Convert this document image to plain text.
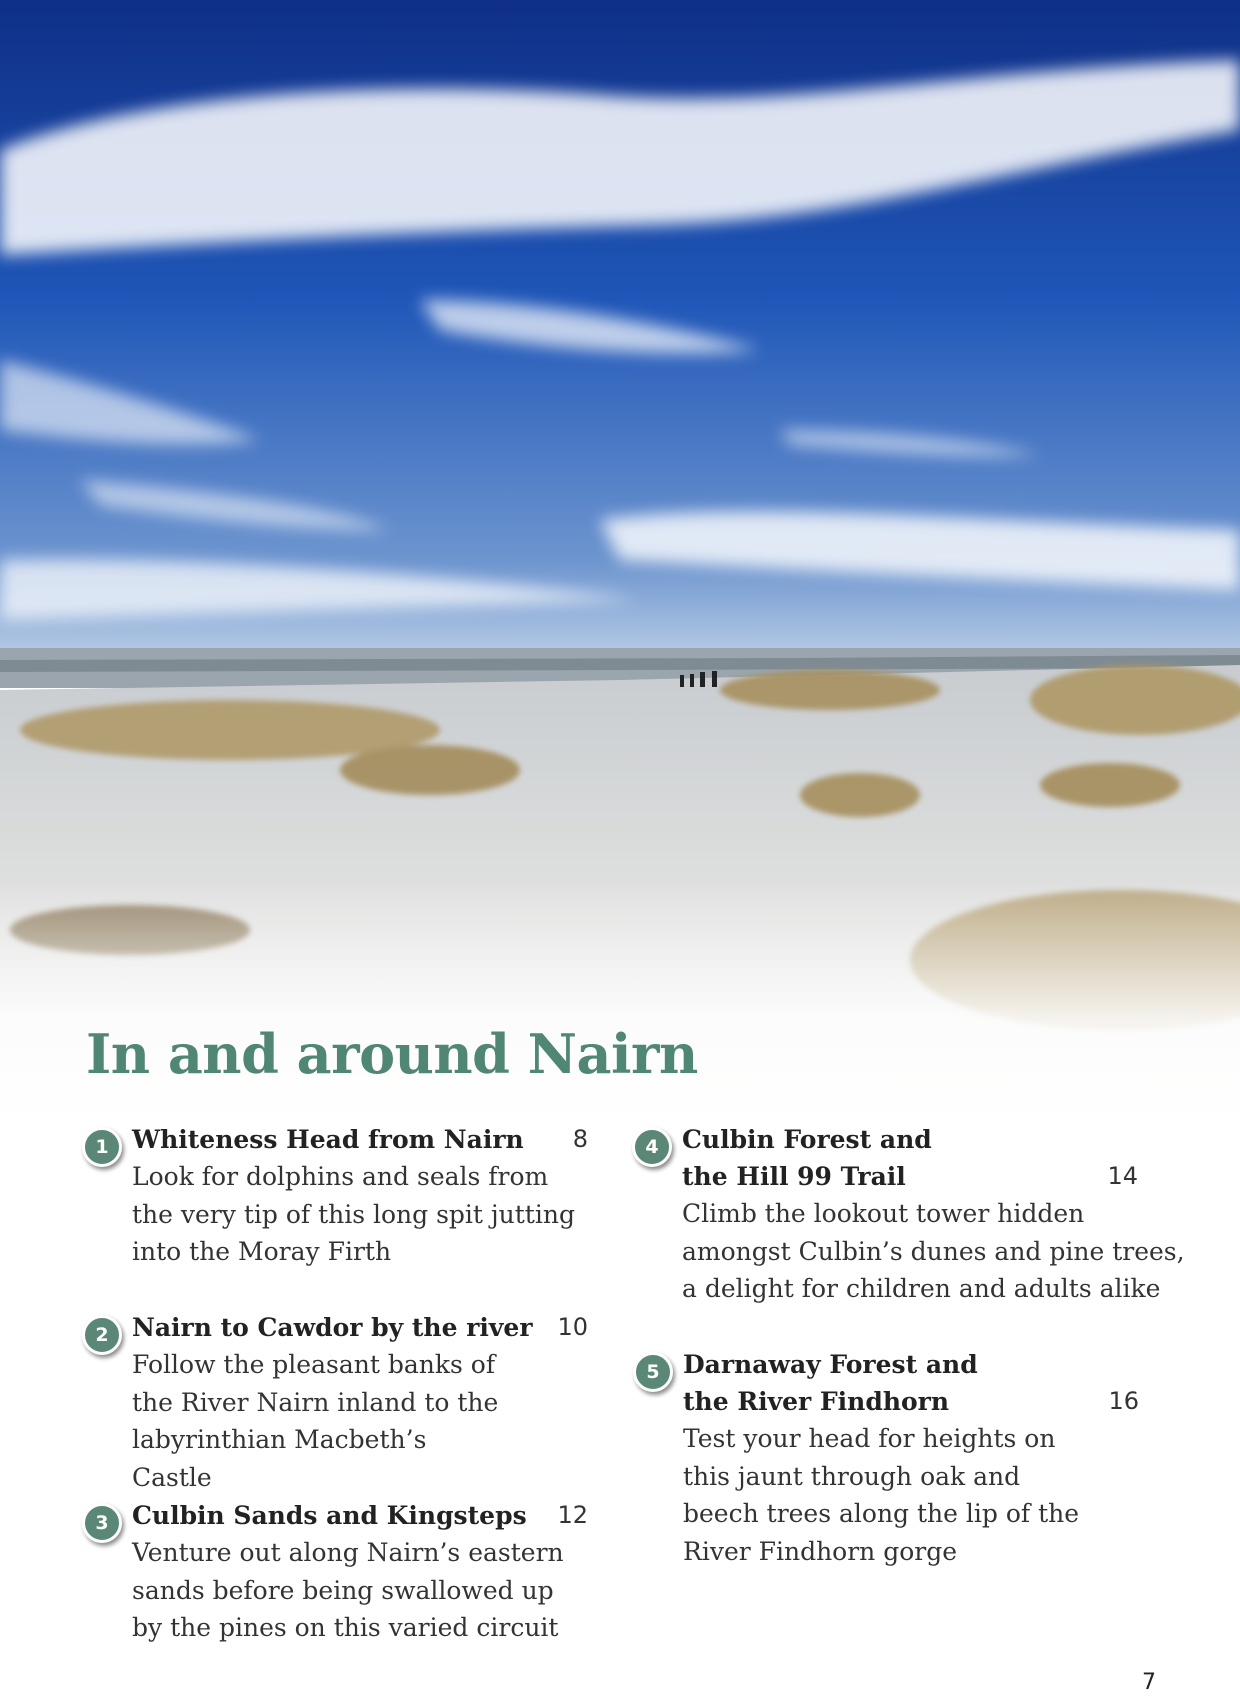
In and around Nairn
1 Whiteness Head from Nairn	8

Look for dolphins and seals from the very tip of this long spit jutting into the Moray Firth

2 Nairn to Cawdor by the river	10

Follow the pleasant banks of the River Nairn inland to the labyrinthian Macbeth’s Castle

3 Culbin Sands and Kingsteps	12

Venture out along Nairn’s eastern sands before being swallowed up by the pines on this varied circuit

4 Culbin Forest and
the Hill 99 Trail	14

Climb the lookout tower hidden amongst Culbin’s dunes and pine trees, a delight for children and adults alike

5 Darnaway Forest and
the River Findhorn	16

Test your head for heights on this jaunt through oak and beech trees along the lip of the River Findhorn gorge

7
